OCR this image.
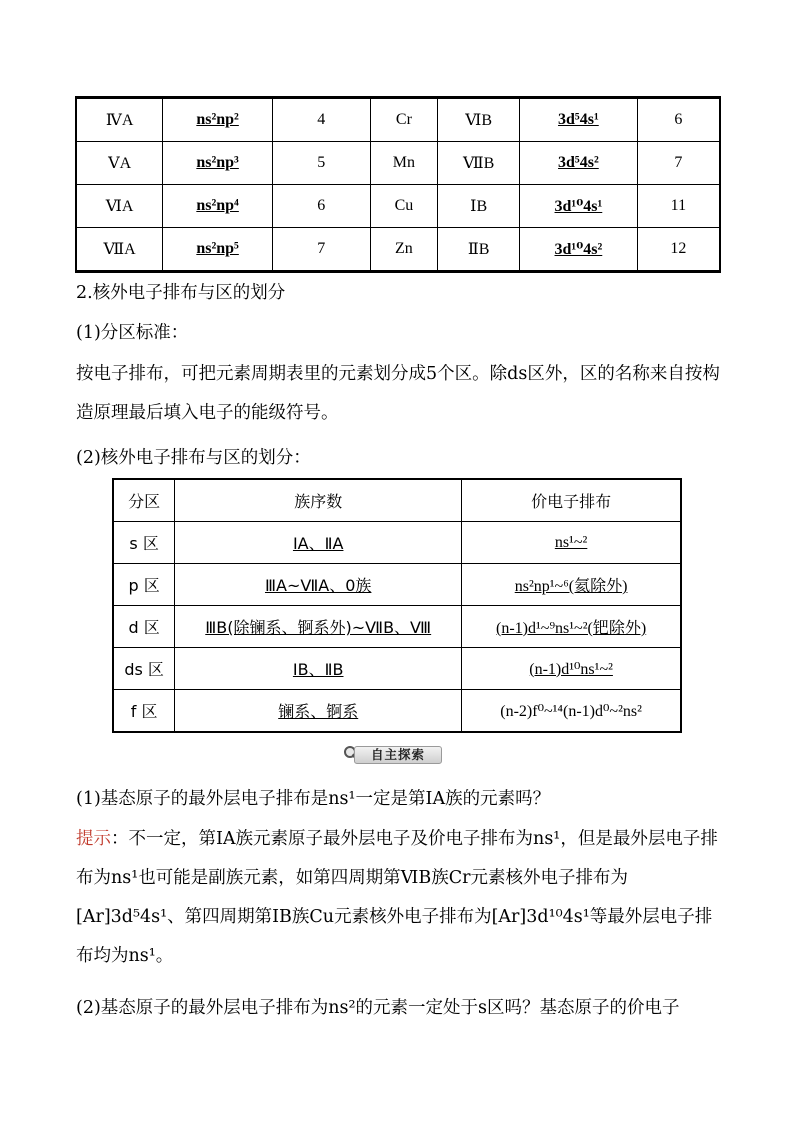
ⅣA	ns²np²	4	Cr	ⅥB	3d⁵4s¹	6
ⅤA	ns²np³	5	Mn	ⅦB	3d⁵4s²	7
ⅥA	ns²np⁴	6	Cu	ⅠB	3d¹⁰4s¹	11
ⅦA	ns²np⁵	7	Zn	ⅡB	3d¹⁰4s²	12
2.核外电子排布与区的划分
(1)分区标准：
按电子排布，可把元素周期表里的元素划分成5个区。除ds区外，区的名称来自按构造原理最后填入电子的能级符号。
(2)核外电子排布与区的划分：
分区	族序数	价电子排布
s 区	ⅠA、ⅡA	ns¹~²
p 区	ⅢA~ⅦA、0族	ns²np¹~⁶(氦除外)
d 区	ⅢB(除镧系、锕系外)~ⅦB、Ⅷ	(n-1)d¹~⁹ns¹~²(钯除外)
ds 区	ⅠB、ⅡB	(n-1)d¹⁰ns¹~²
f 区	镧系、锕系	(n-2)f⁰~¹⁴(n-1)d⁰~²ns²
自主探索
(1)基态原子的最外层电子排布是ns¹一定是第ⅠA族的元素吗？
提示：不一定，第ⅠA族元素原子最外层电子及价电子排布为ns¹，但是最外层电子排布为ns¹也可能是副族元素，如第四周期第ⅥB族Cr元素核外电子排布为[Ar]3d⁵4s¹、第四周期第ⅠB族Cu元素核外电子排布为[Ar]3d¹⁰4s¹等最外层电子排布均为ns¹。
(2)基态原子的最外层电子排布为ns²的元素一定处于s区吗？基态原子的价电子
